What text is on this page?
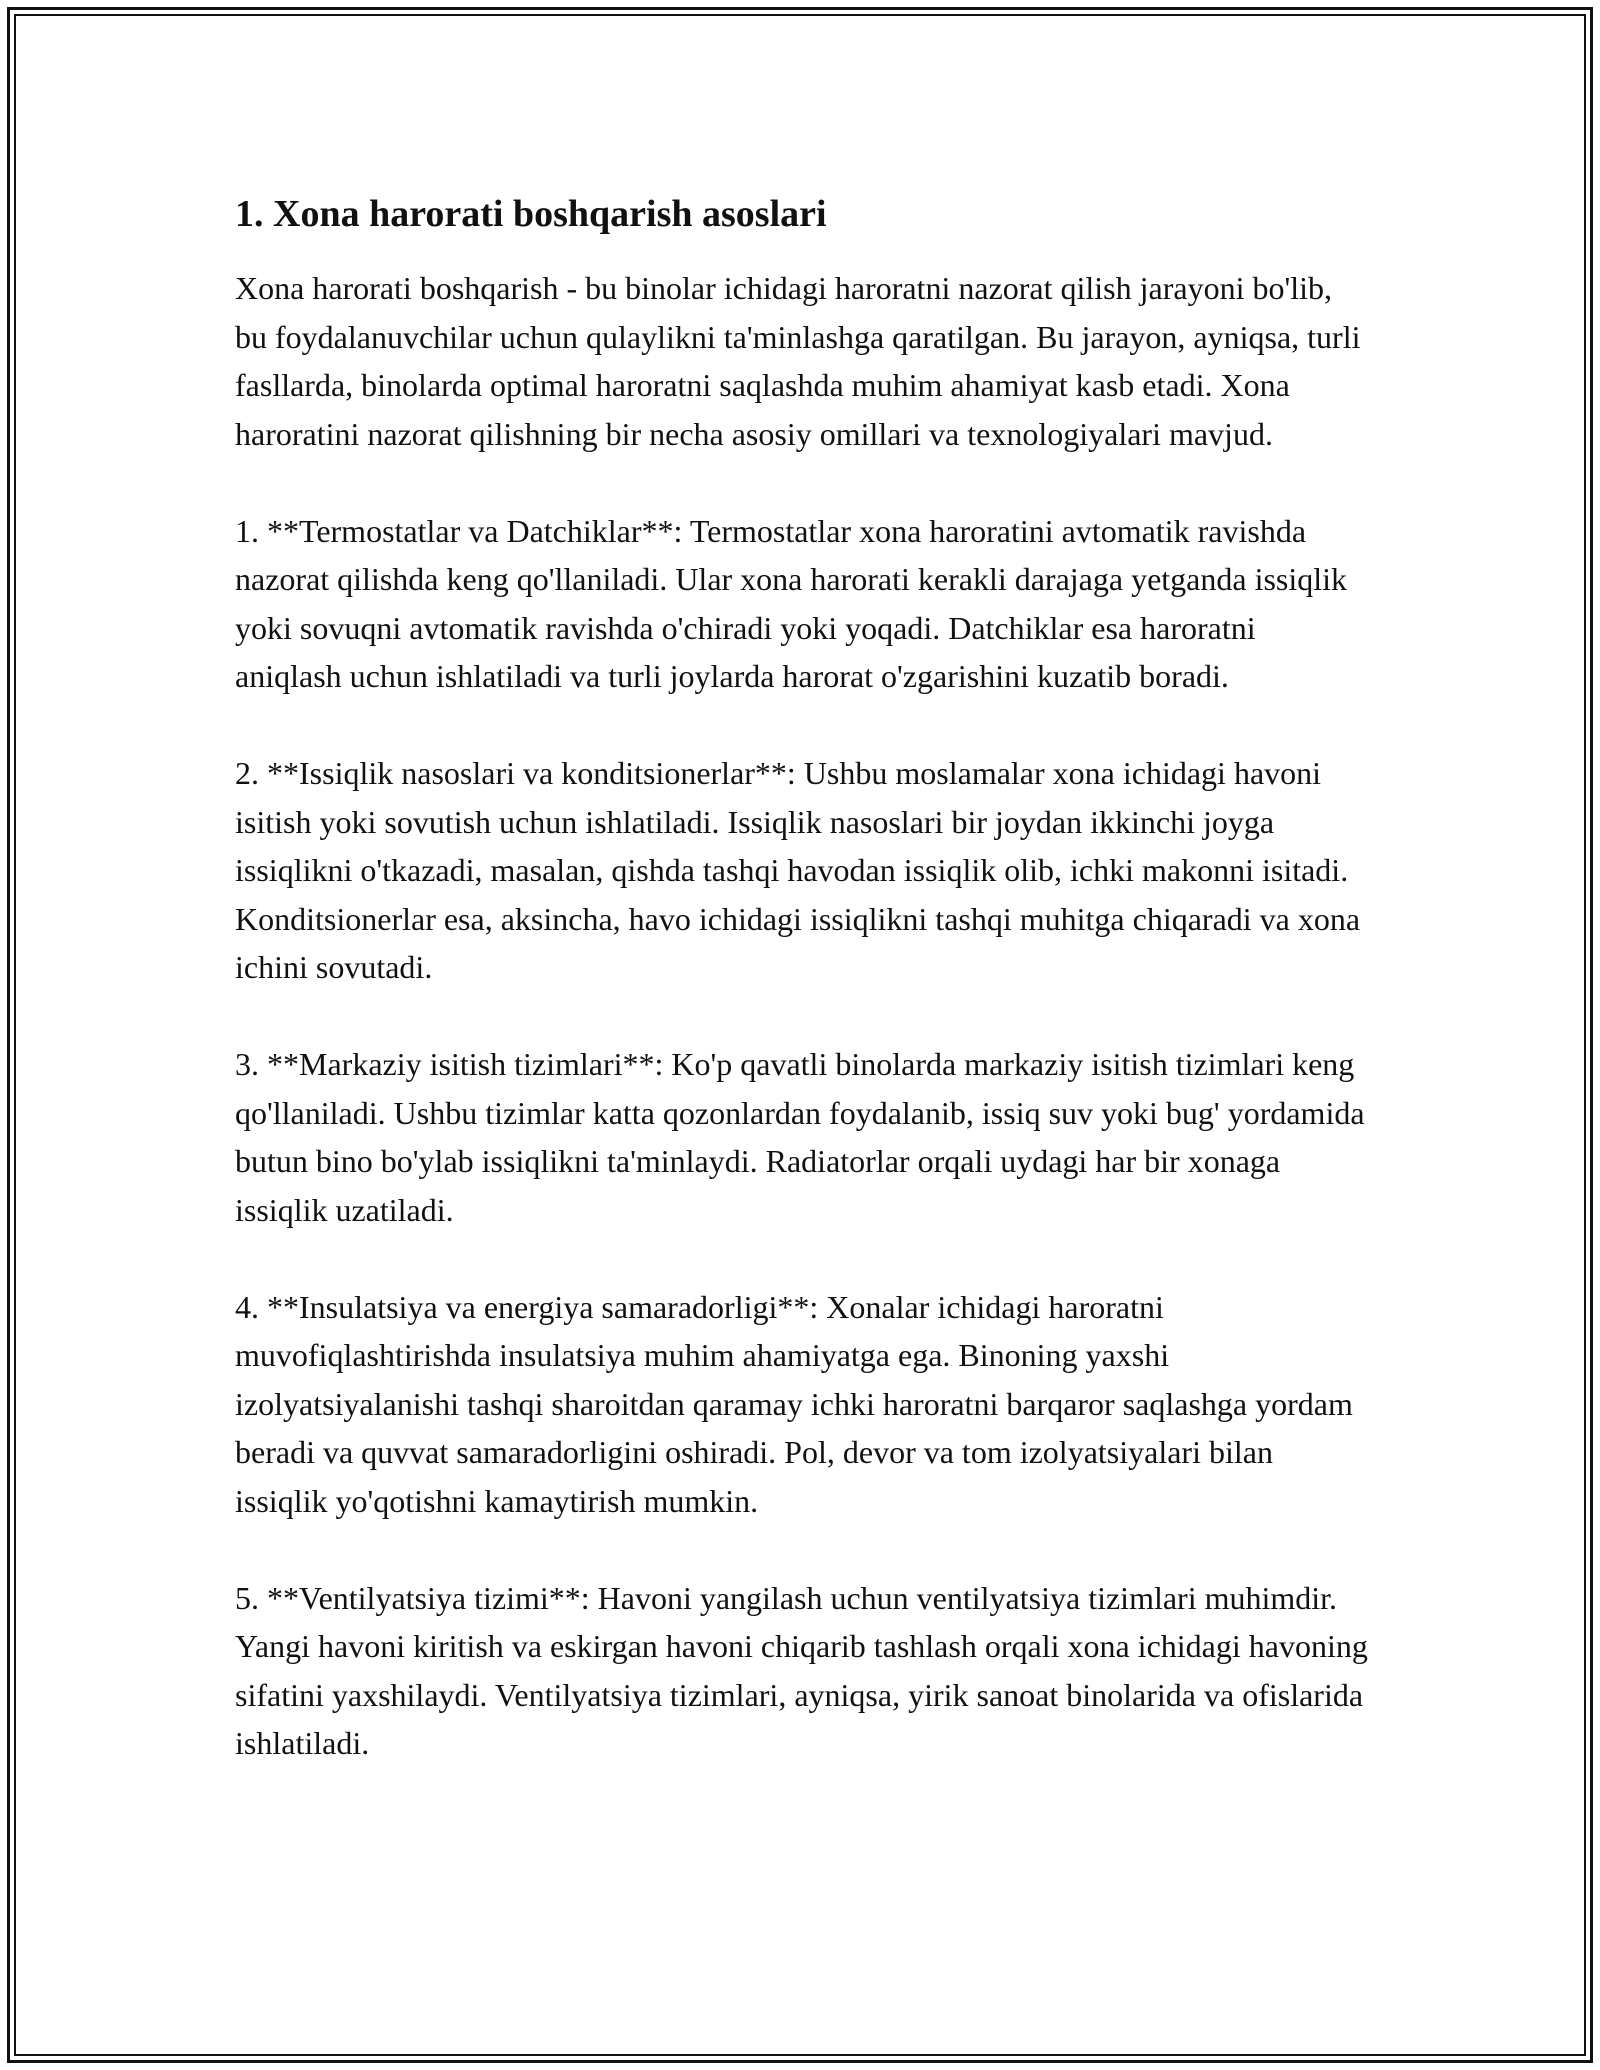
1. Xona harorati boshqarish asoslari

Xona harorati boshqarish - bu binolar ichidagi haroratni nazorat qilish jarayoni bo'lib, bu foydalanuvchilar uchun qulaylikni ta'minlashga qaratilgan. Bu jarayon, ayniqsa, turli fasllarda, binolarda optimal haroratni saqlashda muhim ahamiyat kasb etadi. Xona haroratini nazorat qilishning bir necha asosiy omillari va texnologiyalari mavjud.

1. **Termostatlar va Datchiklar**: Termostatlar xona haroratini avtomatik ravishda nazorat qilishda keng qo'llaniladi. Ular xona harorati kerakli darajaga yetganda issiqlik yoki sovuqni avtomatik ravishda o'chiradi yoki yoqadi. Datchiklar esa haroratni aniqlash uchun ishlatiladi va turli joylarda harorat o'zgarishini kuzatib boradi.

2. **Issiqlik nasoslari va konditsionerlar**: Ushbu moslamalar xona ichidagi havoni isitish yoki sovutish uchun ishlatiladi. Issiqlik nasoslari bir joydan ikkinchi joyga issiqlikni o'tkazadi, masalan, qishda tashqi havodan issiqlik olib, ichki makonni isitadi. Konditsionerlar esa, aksincha, havo ichidagi issiqlikni tashqi muhitga chiqaradi va xona ichini sovutadi.

3. **Markaziy isitish tizimlari**: Ko'p qavatli binolarda markaziy isitish tizimlari keng qo'llaniladi. Ushbu tizimlar katta qozonlardan foydalanib, issiq suv yoki bug' yordamida butun bino bo'ylab issiqlikni ta'minlaydi. Radiatorlar orqali uydagi har bir xonaga issiqlik uzatiladi.

4. **Insulatsiya va energiya samaradorligi**: Xonalar ichidagi haroratni muvofiqlashtirishda insulatsiya muhim ahamiyatga ega. Binoning yaxshi izolyatsiyalanishi tashqi sharoitdan qaramay ichki haroratni barqaror saqlashga yordam beradi va quvvat samaradorligini oshiradi. Pol, devor va tom izolyatsiyalari bilan issiqlik yo'qotishni kamaytirish mumkin.

5. **Ventilyatsiya tizimi**: Havoni yangilash uchun ventilyatsiya tizimlari muhimdir. Yangi havoni kiritish va eskirgan havoni chiqarib tashlash orqali xona ichidagi havoning sifatini yaxshilaydi. Ventilyatsiya tizimlari, ayniqsa, yirik sanoat binolarida va ofislarida ishlatiladi.
